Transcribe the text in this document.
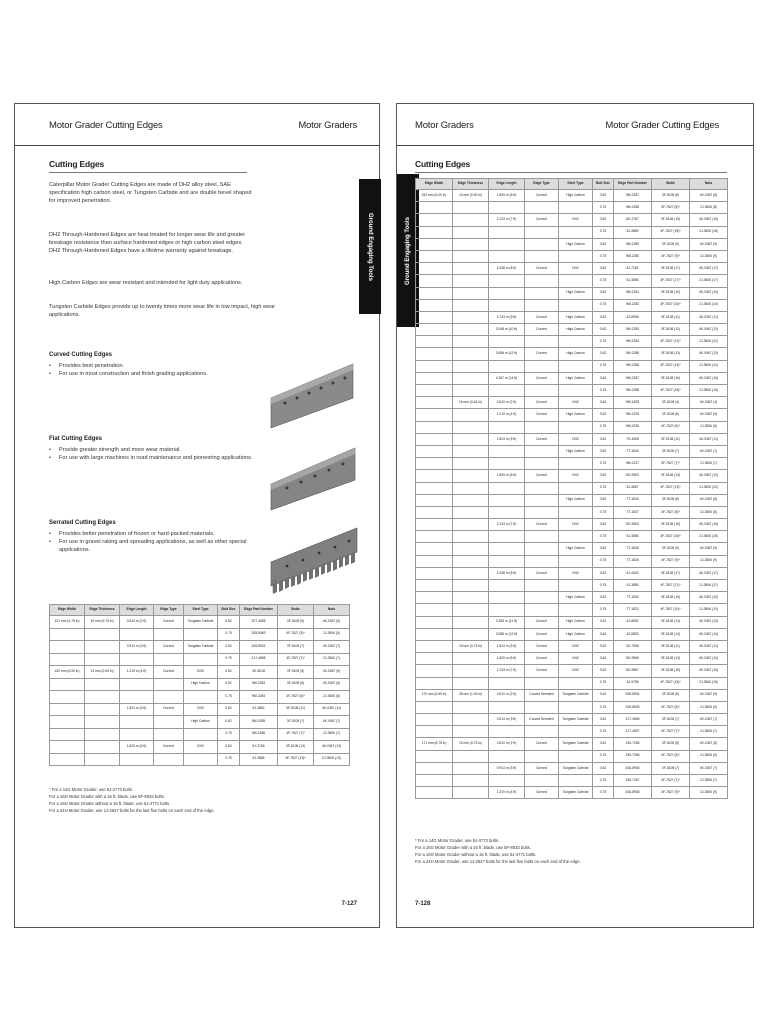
Motor Grader Cutting Edges	Motor Graders
Cutting Edges
Ground Engaging Tools
Caterpillar Motor Grader Cutting Edges are made of DH2 alloy steel, SAE specification high carbon steel, or Tungsten Carbide and are double bevel shaped for improved penetration.
DH2 Through-Hardened Edges are heat treated for longer wear life and greater breakage resistance than surface hardened edges or high carbon steel edges. DH2 Through-Hardened Edges have a lifetime warranty against breakage.
High Carbon Edges are wear resistant and intended for light duty applications.
Tungsten Carbide Edges provide up to twenty times more wear life in low impact, high wear applications.
Curved Cutting Edges
• Provides best penetration.
• For use in most construction and finish grading applications.
Flat Cutting Edges
• Provide greater strength and more wear material.
• For use with large machines in road maintenance and pioneering applications.
Serrated Cutting Edges
• Provides better penetration of frozen or hard-packed materials.
• For use in gravel raking and spreading applications, as well as other special applications.
Edge Width	Edge Thickness	Edge Length	Edge Type	Steel Type	Bolt Size	Edge Part Number	Bolts	Nuts
121 mm (4.75 in)	19 mm (0.75 in)	0.610 m (2 ft)	Curved	Tungsten Carbide	0.62	207-4655	3F-5108 (5)	4K-0367 (5)
					0.75	208-8963	4F-7827 (5)*	2J-3506 (5)
		0.914 m (3 ft)	Curved	Tungsten Carbide	0.62	208-8902	3F-5108 (7)	4K-0367 (7)
					0.75	217-4698	4F-7827 (7)*	2J-3506 (7)
152 mm (6.00 in)	13 mm (0.50 in)	1.219 m (4 ft)	Curved	DH2	0.62	3G-8018	3F-5108 (9)	4K-0367 (9)
				High Carbon	0.62	9W-2283	3F-5108 (6)	4K-0367 (6)
					0.75	9W-2284	4F-7827 (6)*	2J-3506 (6)
		1.524 m (5 ft)	Curved	DH2	0.62	5J-3862	3F-5108 (11)	4K-0367 (11)
				High Carbon	0.62	9W-2285	3F-5108 (7)	4K-0367 (7)
					0.75	9W-2286	4F-7827 (7)*	2J-3506 (7)
		1.829 m (6 ft)	Curved	DH2	0.62	6Y-2766	3F-5108 (13)	4K-0367 (13)
					0.75	5J-3868	4F-7827 (13)*	2J-3506 (13)
* For a 14G Motor Grader, use 5J-4773 bolts.
For a 16G Motor Grader with a 16 ft. blade, use 5F-8933 bolts.
For a 16G Motor Grader without a 16 ft. blade, use 5J-4771 bolts.
For a 24H Motor Grader, use 1J-2527 bolts for the last five bolts on each end of the edge.
7-127
Motor Graders	Motor Grader Cutting Edges
Cutting Edges
Ground Engaging Tools
Edge Width	Edge Thickness	Edge Length	Edge Type	Steel Type	Bolt Size	Edge Part Number	Bolts	Nuts
152 mm (6.00 in)	13 mm (0.50 in)	1.829 m (6 ft)	Curved	High Carbon	0.62	9W-2287	3F-5108 (8)	4K-0367 (8)
					0.75	9W-2288	4F-7827 (8)*	2J-3506 (8)
		2.133 m (7 ft)	Curved	DH2	0.62	6D-2767	3F-5108 (15)	4K-0367 (15)
					0.75	5J-3859	4F-7827 (15)*	2J-3506 (15)
				High Carbon	0.62	9W-2289	3F-5108 (9)	4K-0367 (9)
					0.75	9W-2280	4F-7827 (9)*	2J-3506 (9)
		2.438 m (8 ft)	Curved	DH2	0.62	8J-7182	3F-5108 (17)	4K-0367 (17)
					0.75	5J-3856	4F-7827 (17)*	2J-3506 (17)
				High Carbon	0.62	9W-2281	3F-5108 (10)	4K-0367 (10)
					0.75	9W-2282	4F-7827 (10)*	2J-3506 (10)
		2.743 m (9 ft)	Curved	High Carbon	0.62	4Z-8968	3F-5108 (11)	4K-0367 (11)
		3.048 m (10 ft)	Curved	High Carbon	0.62	9W-2283	3F-5108 (12)	4K-0367 (12)
					0.75	9W-2284	4F-7827 (12)*	2J-3506 (12)
		3.658 m (12 ft)	Curved	High Carbon	0.62	9W-2285	3F-5108 (13)	4K-0367 (13)
					0.75	9W-2286	4F-7827 (14)*	2J-3506 (14)
		4.267 m (14 ft)	Curved	High Carbon	0.62	9W-2287	3F-5108 (16)	4K-0367 (16)
					0.75	9W-2288	4F-7827 (16)*	2J-3506 (16)
	16 mm (0.62 in)	0.610 m (2 ft)	Curved	DH2	0.62	9W-1825	3F-5108 (4)	4K-0367 (4)
		1.219 m (4 ft)	Curved	High Carbon	0.62	9W-2225	3F-5108 (6)	4K-0367 (6)
					0.75	9W-2226	4F-7827 (6)*	2J-3506 (6)
		1.524 m (5 ft)	Curved	DH2	0.62	7D-4508	3F-5108 (11)	4K-0367 (11)
				High Carbon	0.62	7T-1840	3F-5108 (7)	4K-0367 (7)
					0.75	9W-2227	4F-7827 (7)*	2J-3506 (7)
		1.829 m (6 ft)	Curved	DH2	0.62	5D-9553	3F-5108 (13)	4K-0367 (13)
					0.75	5J-3857	4F-7827 (13)*	2J-3506 (13)
				High Carbon	0.62	7T-1833	3F-5108 (8)	4K-0367 (8)
					0.75	7T-1837	4F-7827 (8)*	2J-3506 (8)
		2.133 m (7 ft)	Curved	DH2	0.62	5D-9554	3F-5108 (15)	4K-0367 (15)
					0.75	5J-3858	4F-7827 (15)*	2J-3506 (15)
				High Carbon	0.62	7T-1845	3F-5108 (9)	4K-0367 (9)
					0.75	7T-1826	4F-7827 (9)*	2J-3506 (9)
		2.438 m (8 ft)	Curved	DH2	0.62	8J-4043	3F-5108 (17)	4K-0367 (17)
					0.75	5J-3855	4F-7827 (17)*	2J-3506 (17)
				High Carbon	0.62	7T-1832	3F-5108 (10)	4K-0367 (10)
					0.75	7T-1823	4F-7827 (10)*	2J-3506 (10)
		3.353 m (11 ft)	Curved	High Carbon	0.62	4Z-8852	3F-5108 (13)	4K-0367 (13)
		3.658 m (12 ft)	Curved	High Carbon	0.62	4Z-8853	3F-5108 (14)	4K-0367 (14)
	19 mm (0.75 in)	1.524 m (5 ft)	Curved	DH2	0.62	3G-7966	3F-5108 (11)	4K-0367 (11)
		1.829 m (6 ft)	Curved	DH2	0.62	5D-9556	3F-5108 (13)	4K-0367 (13)
		2.133 m (7 ft)	Curved	DH2	0.62	5D-9557	3F-5108 (15)	4K-0367 (15)
					0.75	4Z-9785	4F-7827 (15)*	2J-3506 (15)
170 mm (6.69 in)	25 mm (1.00 in)	0.610 m (2 ft)	Curved Serrated	Tungsten Carbide	0.62	208-8904	3F-5108 (5)	4K-0367 (5)
					0.75	208-8905	4F-7827 (5)*	2J-3506 (5)
		0.914 m (3 ft)	Curved Serrated	Tungsten Carbide	0.62	217-4696	3F-5108 (7)	4K-0367 (7)
					0.75	217-4697	4F-7827 (7)*	2J-3506 (7)
171 mm (6.75 in)	19 mm (0.75 in)	0.610 m (2 ft)	Curved	Tungsten Carbide	0.62	195-7265	3F-5108 (5)	4K-0367 (5)
					0.75	195-7266	4F-7827 (5)*	2J-3506 (5)
		0.914 m (3 ft)	Curved	Tungsten Carbide	0.62	208-8906	3F-5108 (7)	4K-0367 (7)
					0.75	195-7267	4F-7827 (7)*	2J-3506 (7)
		1.219 m (4 ft)	Curved	Tungsten Carbide	0.75	208-8908	4F-7827 (9)*	2J-3506 (9)
* For a 14G Motor Grader, use 5J-4773 bolts.
For a 16G Motor Grader with a 16 ft. blade, use 5F-8933 bolts.
For a 16G Motor Grader without a 16 ft. blade, use 5J-4771 bolts.
For a 24H Motor Grader, use 1J-2527 bolts for the last five bolts on each end of the edge.
7-128
